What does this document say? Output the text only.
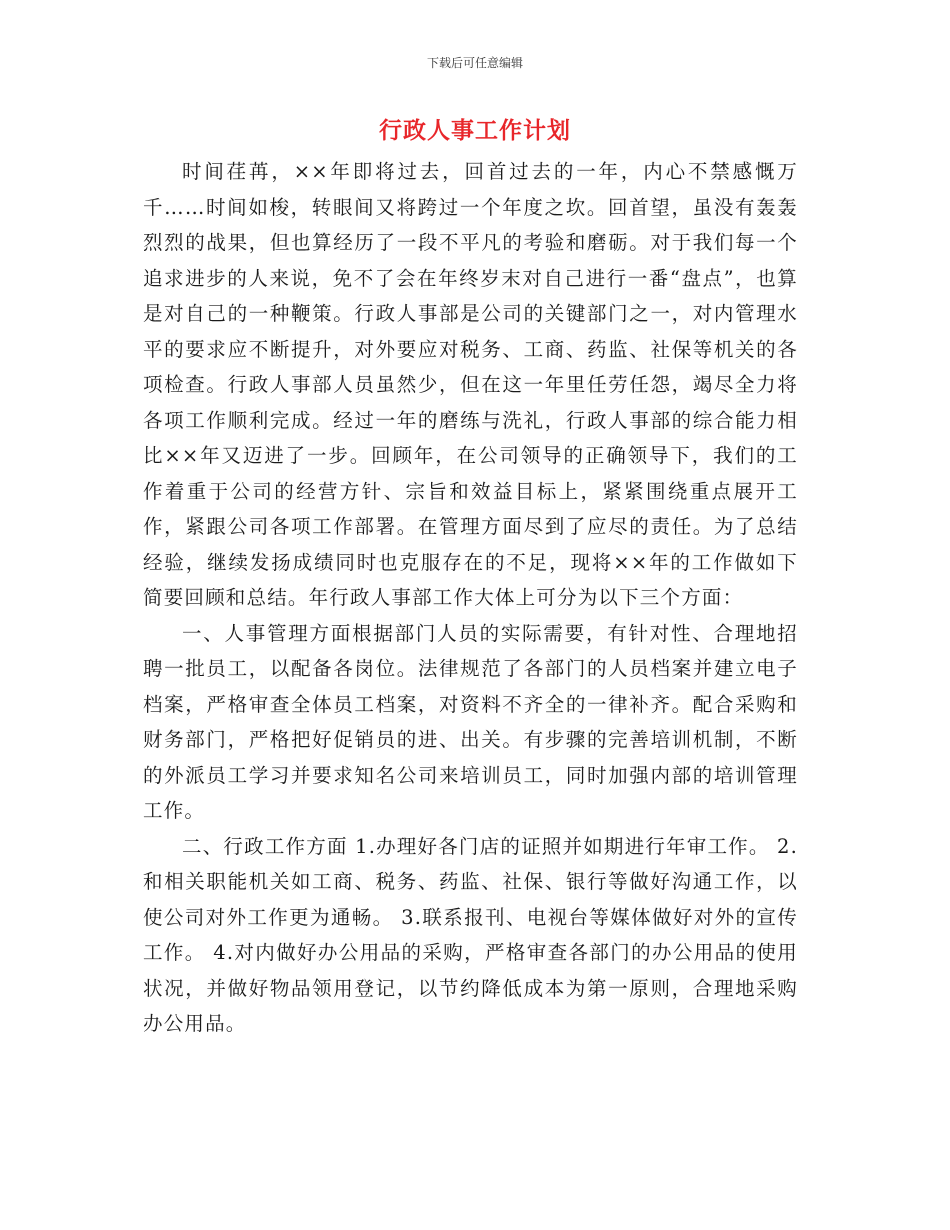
下载后可任意编辑
行政人事工作计划

时间荏苒，××年即将过去，回首过去的一年，内心不禁感慨万千……时间如梭，转眼间又将跨过一个年度之坎。回首望，虽没有轰轰烈烈的战果，但也算经历了一段不平凡的考验和磨砺。对于我们每一个追求进步的人来说，免不了会在年终岁末对自己进行一番“盘点”，也算是对自己的一种鞭策。行政人事部是公司的关键部门之一，对内管理水平的要求应不断提升，对外要应对税务、工商、药监、社保等机关的各项检查。行政人事部人员虽然少，但在这一年里任劳任怨，竭尽全力将各项工作顺利完成。经过一年的磨练与洗礼，行政人事部的综合能力相比××年又迈进了一步。回顾年，在公司领导的正确领导下，我们的工作着重于公司的经营方针、宗旨和效益目标上，紧紧围绕重点展开工作，紧跟公司各项工作部署。在管理方面尽到了应尽的责任。为了总结经验，继续发扬成绩同时也克服存在的不足，现将××年的工作做如下简要回顾和总结。年行政人事部工作大体上可分为以下三个方面：

一、人事管理方面根据部门人员的实际需要，有针对性、合理地招聘一批员工，以配备各岗位。法律规范了各部门的人员档案并建立电子档案，严格审查全体员工档案，对资料不齐全的一律补齐。配合采购和财务部门，严格把好促销员的进、出关。有步骤的完善培训机制，不断的外派员工学习并要求知名公司来培训员工，同时加强内部的培训管理工作。

二、行政工作方面 1.办理好各门店的证照并如期进行年审工作。 2.和相关职能机关如工商、税务、药监、社保、银行等做好沟通工作，以使公司对外工作更为通畅。 3.联系报刊、电视台等媒体做好对外的宣传工作。 4.对内做好办公用品的采购，严格审查各部门的办公用品的使用状况，并做好物品领用登记，以节约降低成本为第一原则，合理地采购办公用品。
